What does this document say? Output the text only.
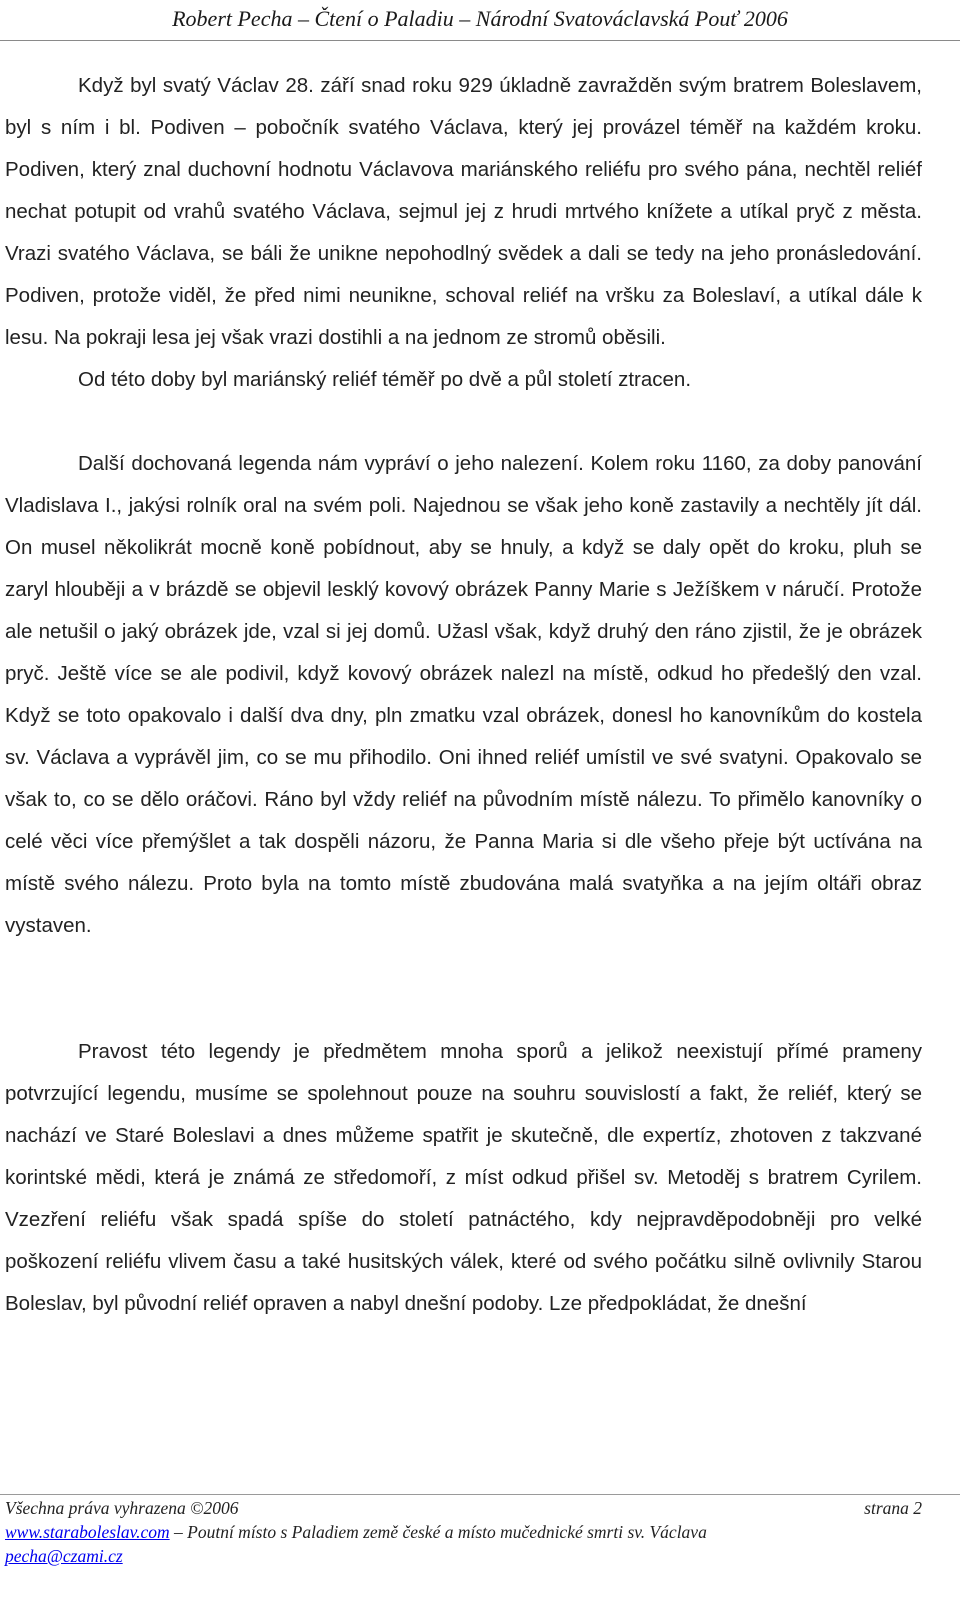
Robert Pecha – Čtení o Paladiu – Národní Svatováclavská Pouť 2006

Když byl svatý Václav 28. září snad roku 929 úkladně zavražděn svým bratrem Boleslavem, byl s ním i bl. Podiven – pobočník svatého Václava, který jej provázel téměř na každém kroku. Podiven, který znal duchovní hodnotu Václavova mariánského reliéfu pro svého pána, nechtěl reliéf nechat potupit od vrahů svatého Václava, sejmul jej z hrudi mrtvého knížete a utíkal pryč z města. Vrazi svatého Václava, se báli že unikne nepohodlný svědek a dali se tedy na jeho pronásledování. Podiven, protože viděl, že před nimi neunikne, schoval reliéf na vršku za Boleslaví, a utíkal dále k lesu. Na pokraji lesa jej však vrazi dostihli a na jednom ze stromů oběsili.

Od této doby byl mariánský reliéf téměř po dvě a půl století ztracen.

Další dochovaná legenda nám vypráví o jeho nalezení. Kolem roku 1160, za doby panování Vladislava I., jakýsi rolník oral na svém poli. Najednou se však jeho koně zastavily a nechtěly jít dál. On musel několikrát mocně koně pobídnout, aby se hnuly, a když se daly opět do kroku, pluh se zaryl hlouběji a v brázdě se objevil lesklý kovový obrázek Panny Marie s Ježíškem v náručí. Protože ale netušil o jaký obrázek jde, vzal si jej domů. Užasl však, když druhý den ráno zjistil, že je obrázek pryč. Ještě více se ale podivil, když kovový obrázek nalezl na místě, odkud ho předešlý den vzal. Když se toto opakovalo i další dva dny, pln zmatku vzal obrázek, donesl ho kanovníkům do kostela sv. Václava a vyprávěl jim, co se mu přihodilo. Oni ihned reliéf umístil ve své svatyni. Opakovalo se však to, co se dělo oráčovi. Ráno byl vždy reliéf na původním místě nálezu. To přimělo kanovníky o celé věci více přemýšlet a tak dospěli názoru, že Panna Maria si dle všeho přeje být uctívána na místě svého nálezu. Proto byla na tomto místě zbudována malá svatyňka a na jejím oltáři obraz vystaven.

Pravost této legendy je předmětem mnoha sporů a jelikož neexistují přímé prameny potvrzující legendu, musíme se spolehnout pouze na souhru souvislostí a fakt, že reliéf, který se nachází ve Staré Boleslavi a dnes můžeme spatřit je skutečně, dle expertíz, zhotoven z takzvané korintské mědi, která je známá ze středomoří, z míst odkud přišel sv. Metoděj s bratrem Cyrilem. Vzezření reliéfu však spadá spíše do století patnáctého, kdy nejpravděpodobněji pro velké poškození reliéfu vlivem času a také husitských válek, které od svého počátku silně ovlivnily Starou Boleslav, byl původní reliéf opraven a nabyl dnešní podoby. Lze předpokládat, že dnešní

Všechna práva vyhrazena ©2006	strana 2
www.staraboleslav.com – Poutní místo s Paladiem země české a místo mučednické smrti sv. Václava
pecha@czami.cz
